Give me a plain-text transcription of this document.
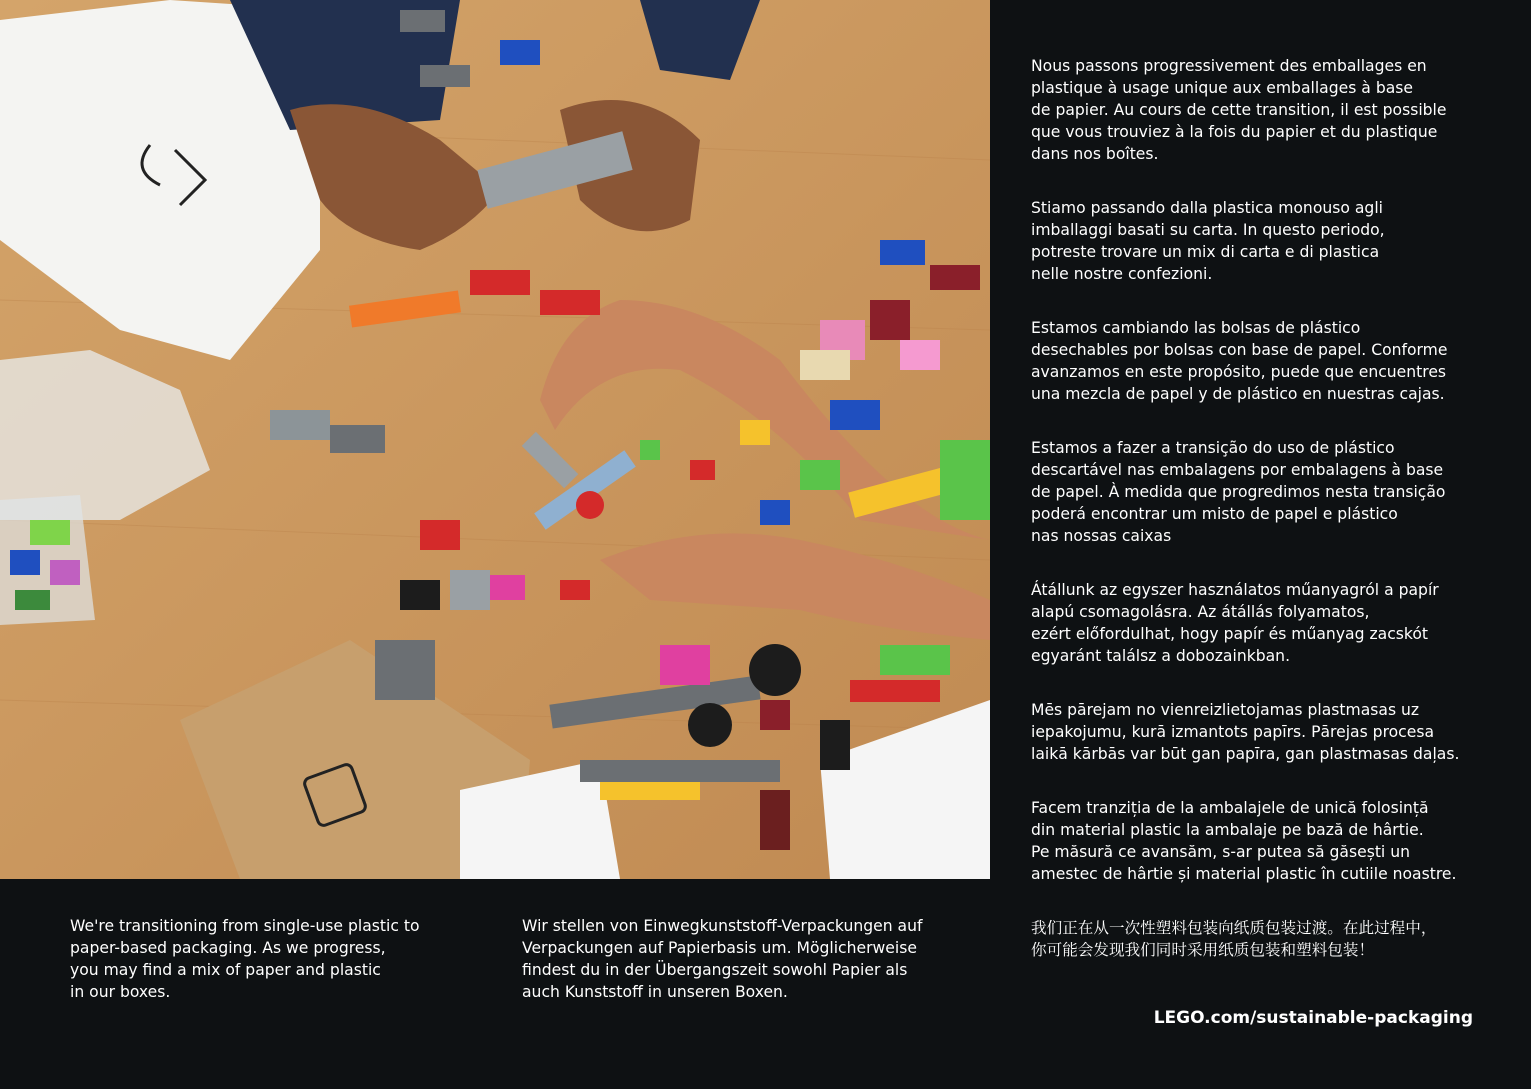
Nous passons progressivement des emballages en
plastique à usage unique aux emballages à base
de papier. Au cours de cette transition, il est possible
que vous trouviez à la fois du papier et du plastique
dans nos boîtes.

Stiamo passando dalla plastica monouso agli
imballaggi basati su carta. In questo periodo,
potreste trovare un mix di carta e di plastica
nelle nostre confezioni.

Estamos cambiando las bolsas de plástico
desechables por bolsas con base de papel. Conforme
avanzamos en este propósito, puede que encuentres
una mezcla de papel y de plástico en nuestras cajas.

Estamos a fazer a transição do uso de plástico
descartável nas embalagens por embalagens à base
de papel. À medida que progredimos nesta transição
poderá encontrar um misto de papel e plástico
nas nossas caixas

Átállunk az egyszer használatos műanyagról a papír
alapú csomagolásra. Az átállás folyamatos,
ezért előfordulhat, hogy papír és műanyag zacskót
egyaránt találsz a dobozainkban.

Mēs pārejam no vienreizlietojamas plastmasas uz
iepakojumu, kurā izmantots papīrs. Pārejas procesa
laikā kārbās var būt gan papīra, gan plastmasas daļas.

Facem tranziția de la ambalajele de unică folosință
din material plastic la ambalaje pe bază de hârtie.
Pe măsură ce avansăm, s-ar putea să găsești un
amestec de hârtie și material plastic în cutiile noastre.

我们正在从一次性塑料包装向纸质包装过渡。在此过程中，
你可能会发现我们同时采用纸质包装和塑料包装！

We're transitioning from single-use plastic to
paper-based packaging. As we progress,
you may find a mix of paper and plastic
in our boxes.
Wir stellen von Einwegkunststoff-Verpackungen auf
Verpackungen auf Papierbasis um. Möglicherweise
findest du in der Übergangszeit sowohl Papier als
auch Kunststoff in unseren Boxen.
LEGO.com/sustainable-packaging
